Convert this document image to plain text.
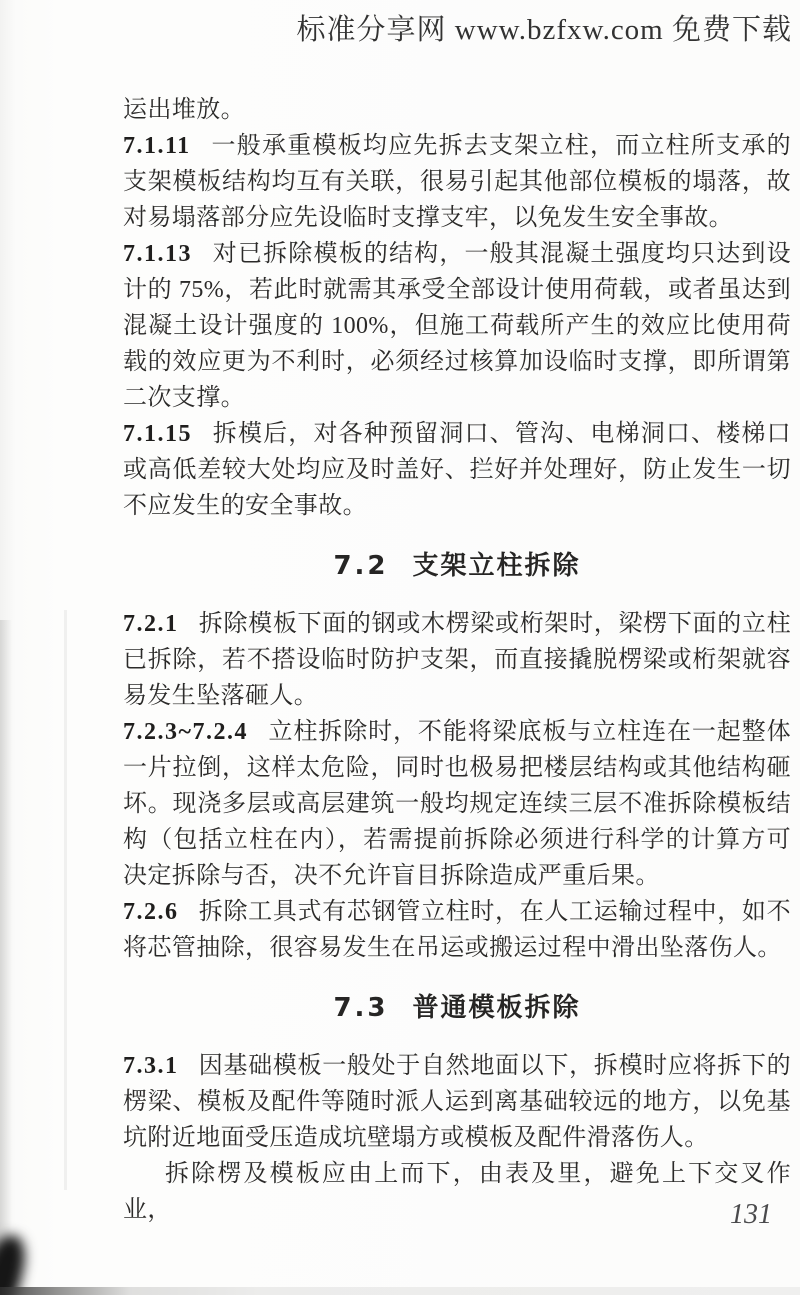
标准分享网 www.bzfxw.com 免费下载

运出堆放。

7.1.11 一般承重模板均应先拆去支架立柱，而立柱所支承的支架模板结构均互有关联，很易引起其他部位模板的塌落，故对易塌落部分应先设临时支撑支牢，以免发生安全事故。

7.1.13 对已拆除模板的结构，一般其混凝土强度均只达到设计的 75%，若此时就需其承受全部设计使用荷载，或者虽达到混凝土设计强度的 100%，但施工荷载所产生的效应比使用荷载的效应更为不利时，必须经过核算加设临时支撑，即所谓第二次支撑。

7.1.15 拆模后，对各种预留洞口、管沟、电梯洞口、楼梯口或高低差较大处均应及时盖好、拦好并处理好，防止发生一切不应发生的安全事故。

7.2 支架立柱拆除

7.2.1 拆除模板下面的钢或木楞梁或桁架时，梁楞下面的立柱已拆除，若不搭设临时防护支架，而直接撬脱楞梁或桁架就容易发生坠落砸人。

7.2.3~7.2.4 立柱拆除时，不能将梁底板与立柱连在一起整体一片拉倒，这样太危险，同时也极易把楼层结构或其他结构砸坏。现浇多层或高层建筑一般均规定连续三层不准拆除模板结构（包括立柱在内），若需提前拆除必须进行科学的计算方可决定拆除与否，决不允许盲目拆除造成严重后果。

7.2.6 拆除工具式有芯钢管立柱时，在人工运输过程中，如不将芯管抽除，很容易发生在吊运或搬运过程中滑出坠落伤人。

7.3 普通模板拆除

7.3.1 因基础模板一般处于自然地面以下，拆模时应将拆下的楞梁、模板及配件等随时派人运到离基础较远的地方，以免基坑附近地面受压造成坑壁塌方或模板及配件滑落伤人。

拆除楞及模板应由上而下，由表及里，避免上下交叉作业，	131
